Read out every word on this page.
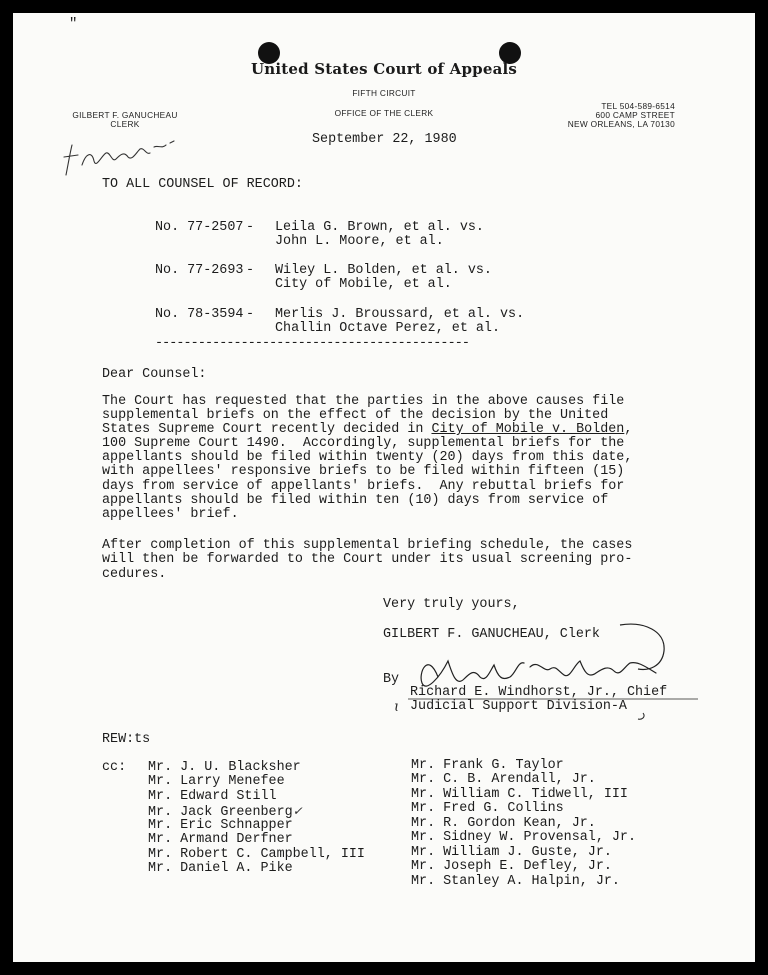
"
United States Court of Appeals
FIFTH CIRCUIT
OFFICE OF THE CLERK
GILBERT F. GANUCHEAU
CLERK
TEL 504-589-6514
600 CAMP STREET
NEW ORLEANS, LA 70130
September 22, 1980
TO ALL COUNSEL OF RECORD:
No. 77-2507 - Leila G. Brown, et al. vs.
John L. Moore, et al.
No. 77-2693 - Wiley L. Bolden, et al. vs.
City of Mobile, et al.
No. 78-3594 - Merlis J. Broussard, et al. vs.
Challin Octave Perez, et al.
--------------------------------------------
Dear Counsel:
The Court has requested that the parties in the above causes file
supplemental briefs on the effect of the decision by the United
States Supreme Court recently decided in City of Mobile v. Bolden,
100 Supreme Court 1490.  Accordingly, supplemental briefs for the
appellants should be filed within twenty (20) days from this date,
with appellees' responsive briefs to be filed within fifteen (15)
days from service of appellants' briefs.  Any rebuttal briefs for
appellants should be filed within ten (10) days from service of
appellees' brief.
After completion of this supplemental briefing schedule, the cases
will then be forwarded to the Court under its usual screening pro-
cedures.
Very truly yours,
GILBERT F. GANUCHEAU, Clerk
By
Richard E. Windhorst, Jr., Chief
Judicial Support Division-A
ɩ
REW:ts
cc: Mr. J. U. Blacksher
Mr. Larry Menefee
Mr. Edward Still
Mr. Jack Greenberg✓
Mr. Eric Schnapper
Mr. Armand Derfner
Mr. Robert C. Campbell, III
Mr. Daniel A. Pike
Mr. Frank G. Taylor
Mr. C. B. Arendall, Jr.
Mr. William C. Tidwell, III
Mr. Fred G. Collins
Mr. R. Gordon Kean, Jr.
Mr. Sidney W. Provensal, Jr.
Mr. William J. Guste, Jr.
Mr. Joseph E. Defley, Jr.
Mr. Stanley A. Halpin, Jr.
